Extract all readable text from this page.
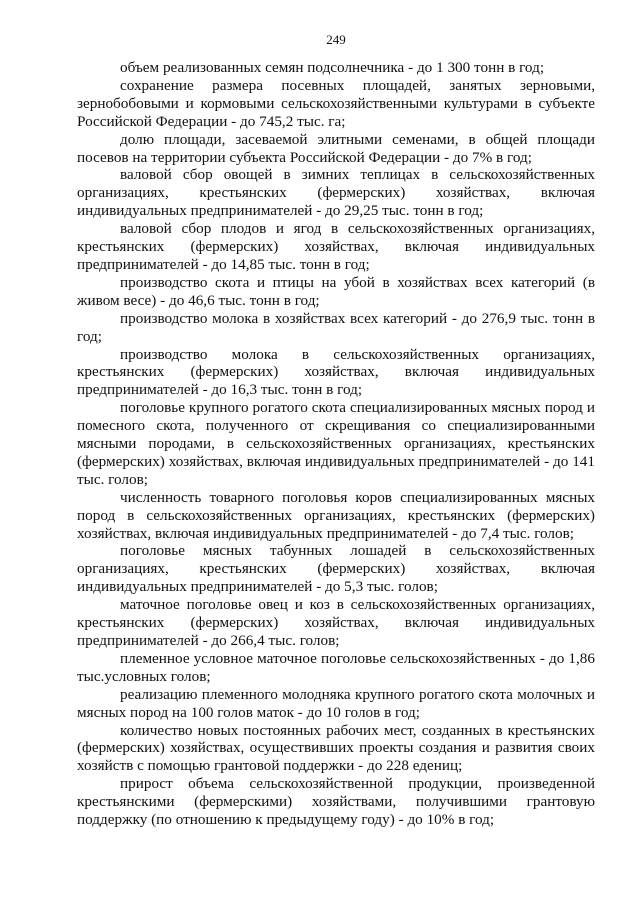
249

объем реализованных семян подсолнечника - до 1 300 тонн в год;

сохранение размера посевных площадей, занятых зерновыми, зернобобовыми и кормовыми сельскохозяйственными культурами в субъекте Российской Федерации - до 745,2 тыс. га;

долю площади, засеваемой элитными семенами, в общей площади посевов на территории субъекта Российской Федерации - до 7% в год;

валовой сбор овощей в зимних теплицах в сельскохозяйственных организациях, крестьянских (фермерских) хозяйствах, включая индивидуальных предпринимателей - до 29,25 тыс. тонн в год;

валовой сбор плодов и ягод в сельскохозяйственных организациях, крестьянских (фермерских) хозяйствах, включая индивидуальных предпринимателей - до 14,85 тыс. тонн в год;

производство скота и птицы на убой в хозяйствах всех категорий (в живом весе) - до 46,6 тыс. тонн в год;

производство молока в хозяйствах всех категорий - до 276,9 тыс. тонн в год;

производство молока в сельскохозяйственных организациях, крестьянских (фермерских) хозяйствах, включая индивидуальных предпринимателей - до 16,3 тыс. тонн в год;

поголовье крупного рогатого скота специализированных мясных пород и помесного скота, полученного от скрещивания со специализированными мясными породами, в сельскохозяйственных организациях, крестьянских (фермерских) хозяйствах, включая индивидуальных предпринимателей - до 141 тыс. голов;

численность товарного поголовья коров специализированных мясных пород в сельскохозяйственных организациях, крестьянских (фермерских) хозяйствах, включая индивидуальных предпринимателей - до 7,4 тыс. голов;

поголовье мясных табунных лошадей в сельскохозяйственных организациях, крестьянских (фермерских) хозяйствах, включая индивидуальных предпринимателей - до 5,3 тыс. голов;

маточное поголовье овец и коз в сельскохозяйственных организациях, крестьянских (фермерских) хозяйствах, включая индивидуальных предпринимателей - до 266,4 тыс. голов;

племенное условное маточное поголовье сельскохозяйственных - до 1,86 тыс.условных голов;

реализацию племенного молодняка крупного рогатого скота молочных и мясных пород на 100 голов маток - до 10 голов в год;

количество новых постоянных рабочих мест, созданных в крестьянских (фермерских) хозяйствах, осуществивших проекты создания и развития своих хозяйств с помощью грантовой поддержки - до 228 едениц;

прирост объема сельскохозяйственной продукции, произведенной крестьянскими (фермерскими) хозяйствами, получившими грантовую поддержку (по отношению к предыдущему году) - до 10% в год;
